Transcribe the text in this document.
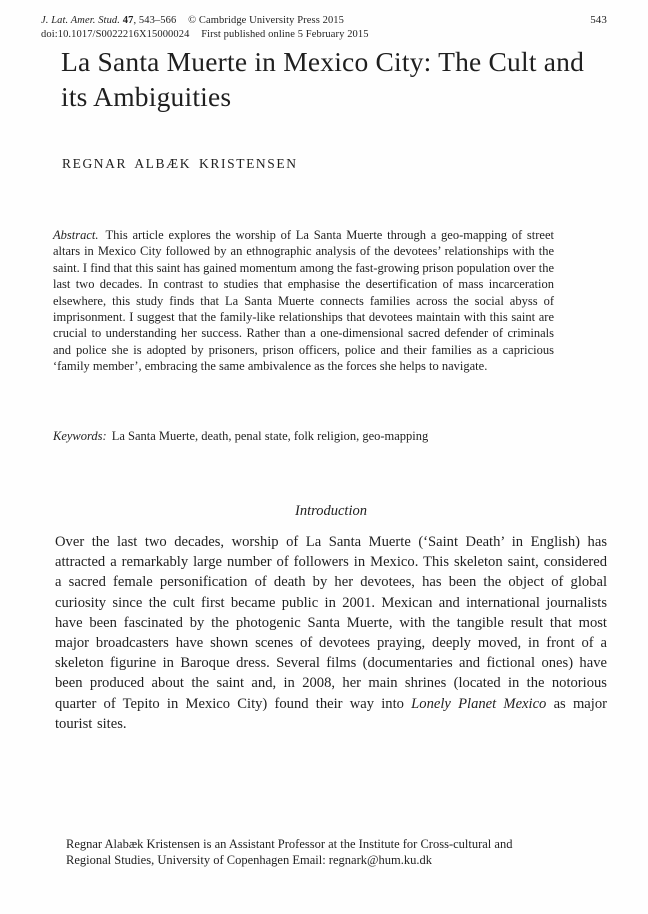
J. Lat. Amer. Stud. 47, 543–566 © Cambridge University Press 2015	543
doi:10.1017/S0022216X15000024 First published online 5 February 2015
La Santa Muerte in Mexico City: The Cult and its Ambiguities
REGNAR ALBÆK KRISTENSEN
Abstract. This article explores the worship of La Santa Muerte through a geo-mapping of street altars in Mexico City followed by an ethnographic analysis of the devotees’ relationships with the saint. I find that this saint has gained momentum among the fast-growing prison population over the last two decades. In contrast to studies that emphasise the desertification of mass incarceration elsewhere, this study finds that La Santa Muerte connects families across the social abyss of imprisonment. I suggest that the family-like relationships that devotees maintain with this saint are crucial to understanding her success. Rather than a one-dimensional sacred defender of criminals and police she is adopted by prisoners, prison officers, police and their families as a capricious ‘family member’, embracing the same ambivalence as the forces she helps to navigate.
Keywords: La Santa Muerte, death, penal state, folk religion, geo-mapping
Introduction
Over the last two decades, worship of La Santa Muerte (‘Saint Death’ in English) has attracted a remarkably large number of followers in Mexico. This skeleton saint, considered a sacred female personification of death by her devotees, has been the object of global curiosity since the cult first became public in 2001. Mexican and international journalists have been fascinated by the photogenic Santa Muerte, with the tangible result that most major broadcasters have shown scenes of devotees praying, deeply moved, in front of a skeleton figurine in Baroque dress. Several films (documentaries and fictional ones) have been produced about the saint and, in 2008, her main shrines (located in the notorious quarter of Tepito in Mexico City) found their way into Lonely Planet Mexico as major tourist sites.
Regnar Alabæk Kristensen is an Assistant Professor at the Institute for Cross-cultural and Regional Studies, University of Copenhagen Email: regnark@hum.ku.dk
